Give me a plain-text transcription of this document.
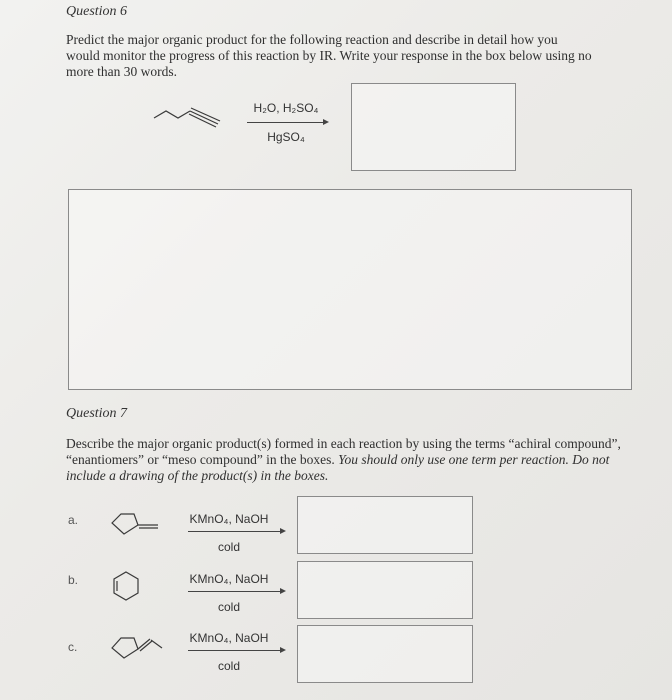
Question 6
Predict the major organic product for the following reaction and describe in detail how you
would monitor the progress of this reaction by IR. Write your response in the box below using no
more than 30 words.
H₂O, H₂SO₄
HgSO₄
Question 7
Describe the major organic product(s) formed in each reaction by using the terms “achiral compound”,
“enantiomers” or “meso compound” in the boxes. You should only use one term per reaction. Do not
include a drawing of the product(s) in the boxes.
a.	KMnO₄, NaOH
cold
b.	KMnO₄, NaOH
cold
c.
KMnO₄, NaOH
cold
